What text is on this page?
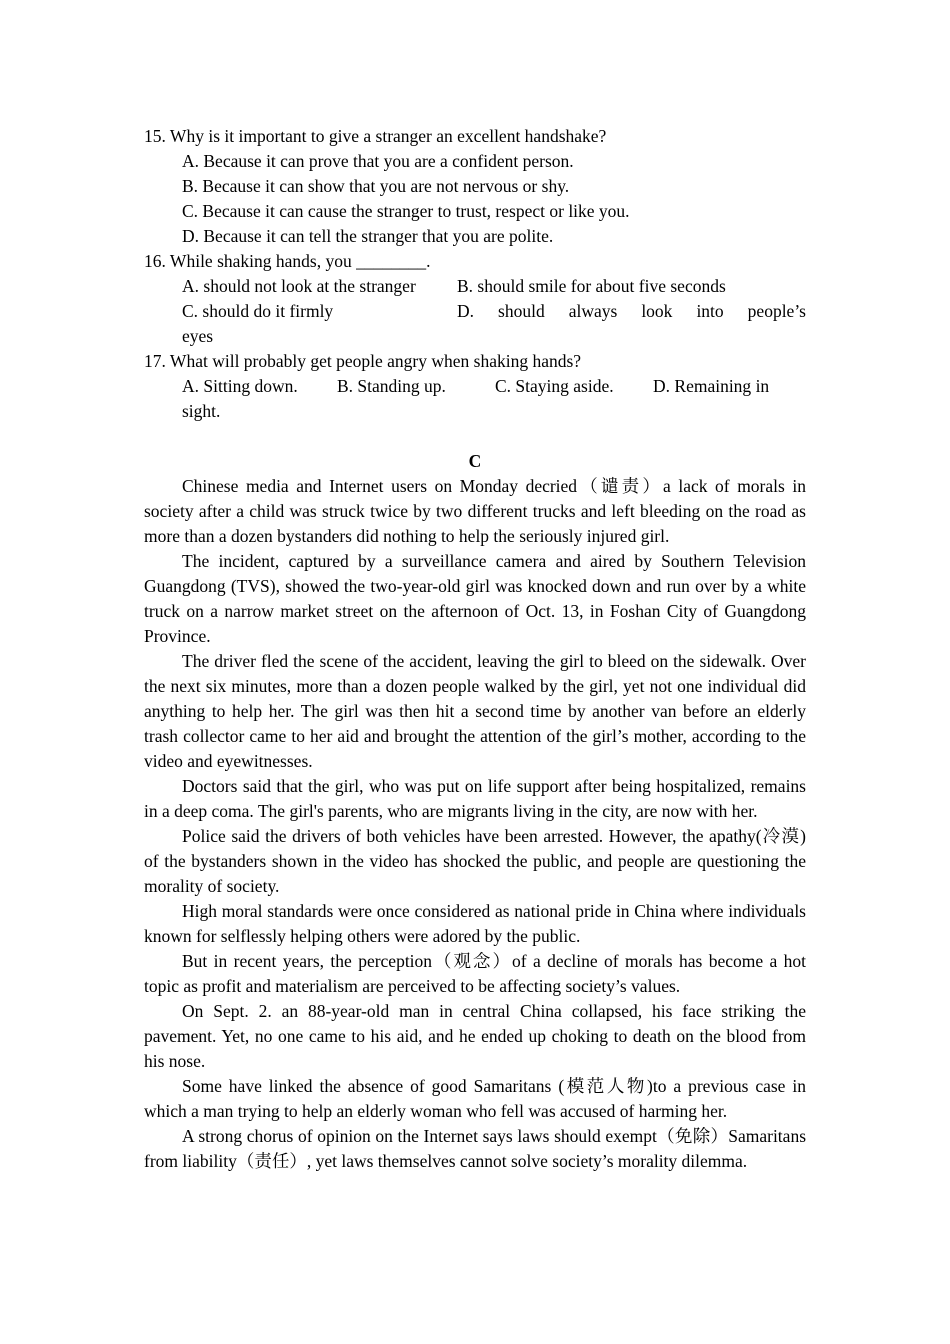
15. Why is it important to give a stranger an excellent handshake?
A. Because it can prove that you are a confident person.
B. Because it can show that you are not nervous or shy.
C. Because it can cause the stranger to trust, respect or like you.
D. Because it can tell the stranger that you are polite.
16. While shaking hands, you ________.
A. should not look at the stranger	B. should smile for about five seconds
C. should do it firmly	D. should always look into people’s
eyes
17. What will probably get people angry when shaking hands?
A. Sitting down.	B. Standing up.	C. Staying aside.	D. Remaining in
sight.
C

Chinese media and Internet users on Monday decried（谴责）a lack of morals in society after a child was struck twice by two different trucks and left bleeding on the road as more than a dozen bystanders did nothing to help the seriously injured girl.

The incident, captured by a surveillance camera and aired by Southern Television Guangdong (TVS), showed the two-year-old girl was knocked down and run over by a white truck on a narrow market street on the afternoon of Oct. 13, in Foshan City of Guangdong Province.

The driver fled the scene of the accident, leaving the girl to bleed on the sidewalk. Over the next six minutes, more than a dozen people walked by the girl, yet not one individual did anything to help her. The girl was then hit a second time by another van before an elderly trash collector came to her aid and brought the attention of the girl’s mother, according to the video and eyewitnesses.

Doctors said that the girl, who was put on life support after being hospitalized, remains in a deep coma. The girl's parents, who are migrants living in the city, are now with her.

Police said the drivers of both vehicles have been arrested. However, the apathy(冷漠) of the bystanders shown in the video has shocked the public, and people are questioning the morality of society.

High moral standards were once considered as national pride in China where individuals known for selflessly helping others were adored by the public.

But in recent years, the perception（观念）of a decline of morals has become a hot topic as profit and materialism are perceived to be affecting society’s values.

On Sept. 2. an 88-year-old man in central China collapsed, his face striking the pavement. Yet, no one came to his aid, and he ended up choking to death on the blood from his nose.

Some have linked the absence of good Samaritans (模范人物)to a previous case in which a man trying to help an elderly woman who fell was accused of harming her.

A strong chorus of opinion on the Internet says laws should exempt（免除）Samaritans from liability（责任）, yet laws themselves cannot solve society’s morality dilemma.
